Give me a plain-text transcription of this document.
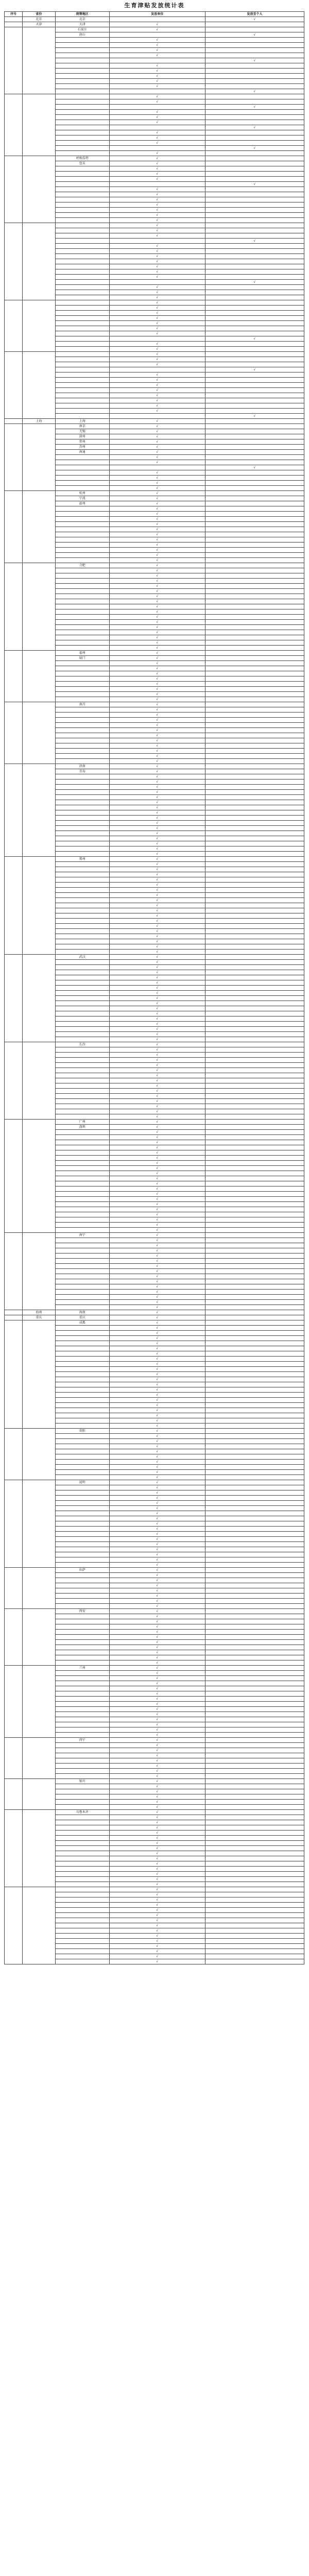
生育津贴发放统计表
序号	省份	统筹地区	发放单位	发放至个人
	北京	北京		√
	天津	天津	√	
		石家庄	√	
		唐山		√
			√	
			√	
			√	
			√	
				√
			√	
			√	
			√	
			√	
			√	
				√
			√	
			√	
				√
			√	
			√	
			√	
				√
			√	
			√	
			√	
				√
			√	
		呼和浩特	√	
		包头	√	
			√	
			√	
			√	
				√
			√	
			√	
			√	
			√	
			√	
			√	
			√	
			√	
			√	
			√	
				√
			√	
			√	
			√	
			√	
			√	
			√	
			√	
				√
			√	
			√	
			√	
			√	
			√	
			√	
			√	
			√	
			√	
			√	
				√
			√	
			√	
			√	
			√	
			√	
				√
			√	
			√	
			√	
			√	
			√	
			√	
			√	
			√	
				√
	上海	上海	√	
		南京	√	
		无锡	√	
		徐州	√	
		常州	√	
		苏州	√	
		南通	√	
			√	
			√	
				√
			√	
			√	
			√	
			√	
		杭州	√	
		宁波	√	
		温州	√	
			√	
			√	
			√	
			√	
			√	
			√	
			√	
			√	
			√	
			√	
			√	
		合肥	√	
			√	
			√	
			√	
			√	
			√	
			√	
			√	
			√	
			√	
			√	
			√	
			√	
			√	
			√	
			√	
			√	
		福州	√	
		厦门	√	
			√	
			√	
			√	
			√	
			√	
			√	
			√	
			√	
		南昌	√	
			√	
			√	
			√	
			√	
			√	
			√	
			√	
			√	
			√	
			√	
			√	
		济南	√	
		青岛	√	
			√	
			√	
			√	
			√	
			√	
			√	
			√	
			√	
			√	
			√	
			√	
			√	
			√	
			√	
			√	
			√	
		郑州	√	
			√	
			√	
			√	
			√	
			√	
			√	
			√	
			√	
			√	
			√	
			√	
			√	
			√	
			√	
			√	
			√	
			√	
			√	
		武汉	√	
			√	
			√	
			√	
			√	
			√	
			√	
			√	
			√	
			√	
			√	
			√	
			√	
			√	
			√	
			√	
			√	
		长沙	√	
			√	
			√	
			√	
			√	
			√	
			√	
			√	
			√	
			√	
			√	
			√	
			√	
			√	
			√	
		广州	√	
		深圳	√	
			√	
			√	
			√	
			√	
			√	
			√	
			√	
			√	
			√	
			√	
			√	
			√	
			√	
			√	
			√	
			√	
			√	
			√	
			√	
			√	
		南宁	√	
			√	
			√	
			√	
			√	
			√	
			√	
			√	
			√	
			√	
			√	
			√	
			√	
			√	
			√	
	海南	海南	√	
	重庆	重庆	√	
		成都	√	
			√	
			√	
			√	
			√	
			√	
			√	
			√	
			√	
			√	
			√	
			√	
			√	
			√	
			√	
			√	
			√	
			√	
			√	
			√	
			√	
		贵阳	√	
			√	
			√	
			√	
			√	
			√	
			√	
			√	
			√	
			√	
		昆明	√	
			√	
			√	
			√	
			√	
			√	
			√	
			√	
			√	
			√	
			√	
			√	
			√	
			√	
			√	
			√	
			√	
		拉萨	√	
			√	
			√	
			√	
			√	
			√	
			√	
			√	
		西安	√	
			√	
			√	
			√	
			√	
			√	
			√	
			√	
			√	
			√	
			√	
		兰州	√	
			√	
			√	
			√	
			√	
			√	
			√	
			√	
			√	
			√	
			√	
			√	
			√	
			√	
		西宁	√	
			√	
			√	
			√	
			√	
			√	
			√	
			√	
		银川	√	
			√	
			√	
			√	
			√	
			√	
		乌鲁木齐	√	
			√	
			√	
			√	
			√	
			√	
			√	
			√	
			√	
			√	
			√	
			√	
			√	
			√	
			√	
			√	
			√	
			√	
			√	
			√	
			√	
			√	
			√	
			√	
			√	
			√	
			√	
			√	
			√	
			√	
